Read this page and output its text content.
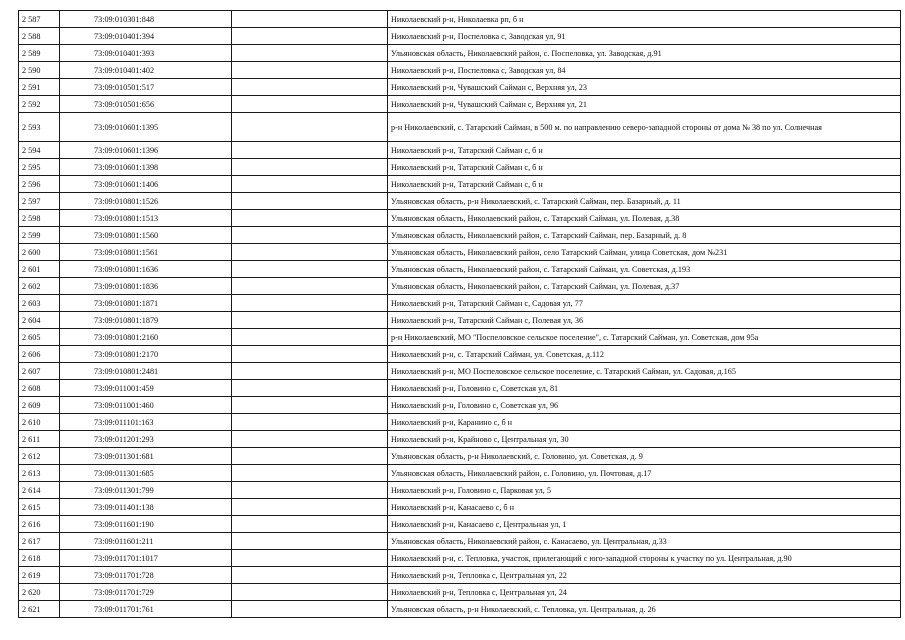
2 587	73:09:010301:848		Николаевский р-н, Николаевка рп, б н
2 588	73:09:010401:394		Николаевский р-н, Поспеловка с, Заводская ул, 91
2 589	73:09:010401:393		Ульяновская область, Николаевский район, с. Поспеловка, ул. Заводская, д.91
2 590	73:09:010401:402		Николаевский р-н, Поспеловка с, Заводская ул, 84
2 591	73:09:010501:517		Николаевский р-н, Чувашский Сайман с, Верхняя ул, 23
2 592	73:09:010501:656		Николаевский р-н, Чувашский Сайман с, Верхняя ул, 21
2 593	73:09:010601:1395		р-н Николаевский, с. Татарский Сайман, в 500 м. по направлению северо-западной стороны от дома № 38 по ул. Солнечная
2 594	73:09:010601:1396		Николаевский р-н, Татарский Сайман с, б н
2 595	73:09:010601:1398		Николаевский р-н, Татарский Сайман с, б н
2 596	73:09:010601:1406		Николаевский р-н, Татарский Сайман с, б н
2 597	73:09:010801:1526		Ульяновская область, р-н Николаевский, с. Татарский Сайман, пер. Базарный, д. 11
2 598	73:09:010801:1513		Ульяновская область, Николаевский район, с. Татарский Сайман, ул. Полевая, д.38
2 599	73:09:010801:1560		Ульяновская область, Николаевский район, с. Татарский Сайман, пер. Базарный, д. 8
2 600	73:09:010801:1561		Ульяновская область, Николаевский район, село Татарский Сайман, улица Советская, дом №231
2 601	73:09:010801:1636		Ульяновская область, Николаевский район, с. Татарский Сайман, ул. Советская, д.193
2 602	73:09:010801:1836		Ульяновская область, Николаевский район, с. Татарский Сайман, ул. Полевая, д.37
2 603	73:09:010801:1871		Николаевский р-н, Татарский Сайман с, Садовая ул, 77
2 604	73:09:010801:1879		Николаевский р-н, Татарский Сайман с, Полевая ул, 36
2 605	73:09:010801:2160		р-н Николаевский, МО "Поспеловское сельское поселение", с. Татарский Сайман, ул. Советская, дом 95а
2 606	73:09:010801:2170		Николаевский р-н, с. Татарский Сайман, ул. Советская, д.112
2 607	73:09:010801:2481		Николаевский р-н, МО Поспеловское сельское поселение, с. Татарский Сайман, ул. Садовая, д.165
2 608	73:09:011001:459		Николаевский р-н, Головино с, Советская ул, 81
2 609	73:09:011001:460		Николаевский р-н, Головино с, Советская ул, 96
2 610	73:09:011101:163		Николаевский р-н, Каранино с, б н
2 611	73:09:011201:293		Николаевский р-н, Крайново с, Центральная ул, 30
2 612	73:09:011301:681		Ульяновская область, р-н Николаевский, с. Головино, ул. Советская, д. 9
2 613	73:09:011301:685		Ульяновская область, Николаевский район, с. Головино, ул. Почтовая, д.17
2 614	73:09:011301:799		Николаевский р-н, Головино с, Парковая ул, 5
2 615	73:09:011401:138		Николаевский р-н, Канасаево с, б н
2 616	73:09:011601:190		Николаевский р-н, Канасаево с, Центральная ул, 1
2 617	73:09:011601:211		Ульяновская область, Николаевский район, с. Канасаево, ул. Центральная, д.33
2 618	73:09:011701:1017		Николаевский р-н, с. Тепловка, участок, прилегающий с юго-западной стороны к участку по ул. Центральная, д.90
2 619	73:09:011701:728		Николаевский р-н, Тепловка с, Центральная ул, 22
2 620	73:09:011701:729		Николаевский р-н, Тепловка с, Центральная ул, 24
2 621	73:09:011701:761		Ульяновская область, р-н Николаевский, с. Тепловка, ул. Центральная, д. 26
